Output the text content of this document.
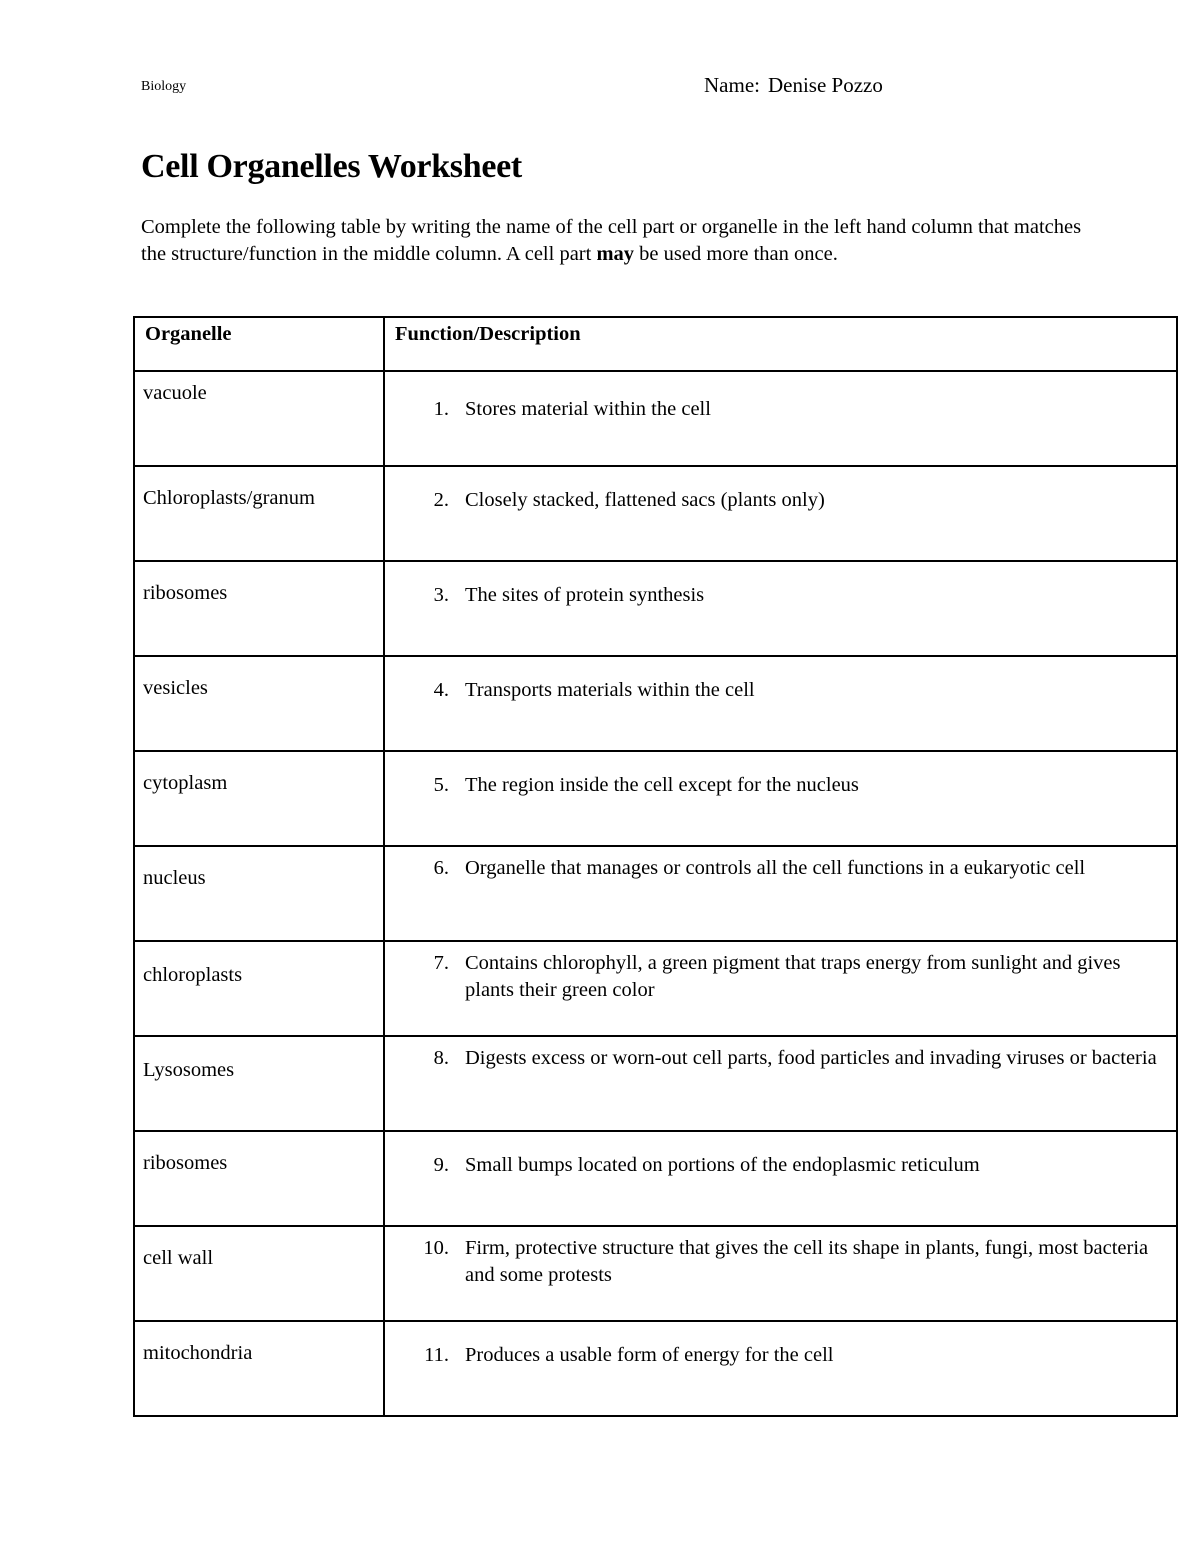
Biology	Name: Denise Pozzo
Cell Organelles Worksheet

Complete the following table by writing the name of the cell part or organelle in the left hand column that matches the structure/function in the middle column. A cell part may be used more than once.

Organelle	Function/Description

vacuole	1. Stores material within the cell

Chloroplasts/granum	2. Closely stacked, flattened sacs (plants only)

ribosomes	3. The sites of protein synthesis

vesicles	4. Transports materials within the cell

cytoplasm	5. The region inside the cell except for the nucleus

nucleus	6. Organelle that manages or controls all the cell functions in a eukaryotic cell

chloroplasts	7. Contains chlorophyll, a green pigment that traps energy from sunlight and gives plants their green color

Lysosomes	8. Digests excess or worn-out cell parts, food particles and invading viruses or bacteria

ribosomes	9. Small bumps located on portions of the endoplasmic reticulum

cell wall	10. Firm, protective structure that gives the cell its shape in plants, fungi, most bacteria and some protests

mitochondria	11. Produces a usable form of energy for the cell
